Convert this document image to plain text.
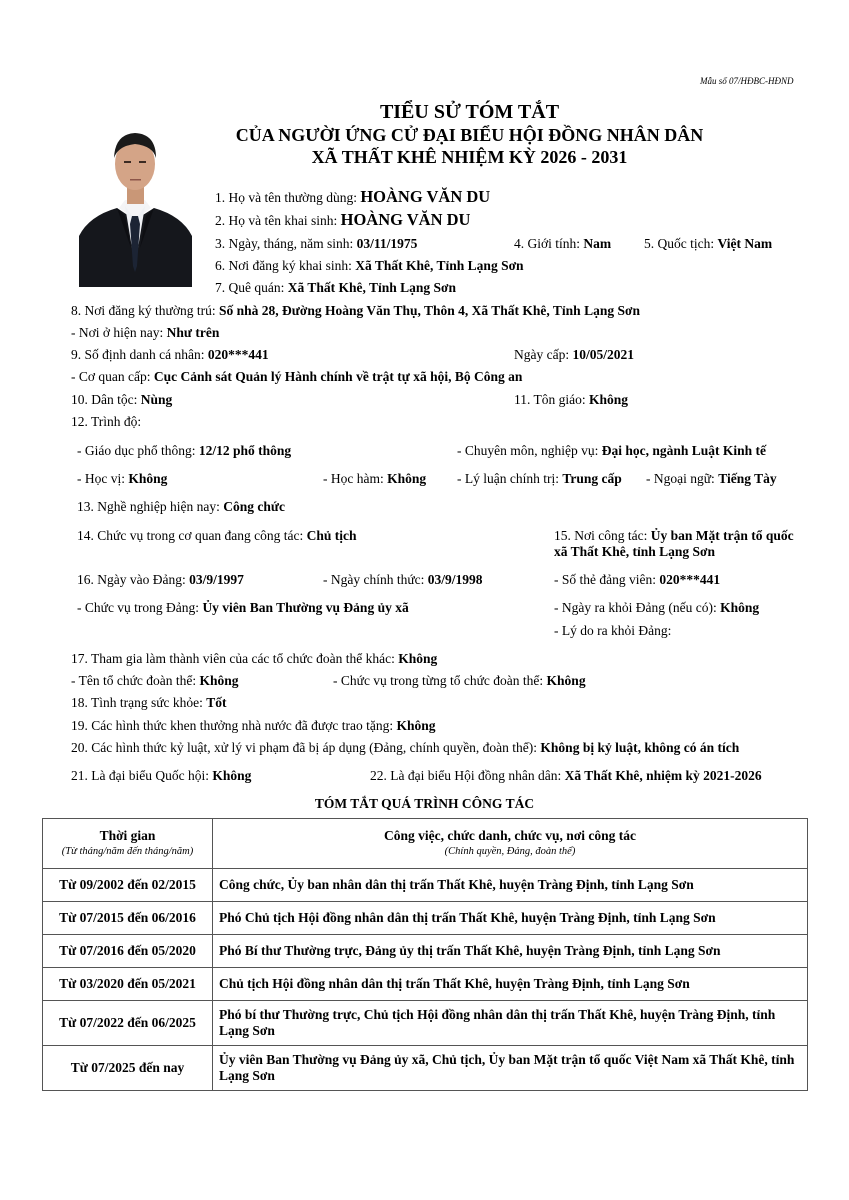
Mẫu số 07/HĐBC-HĐND
TIỂU SỬ TÓM TẮT
CỦA NGƯỜI ỨNG CỬ ĐẠI BIỂU HỘI ĐỒNG NHÂN DÂN
XÃ THẤT KHÊ NHIỆM KỲ 2026 - 2031
1. Họ và tên thường dùng: HOÀNG VĂN DU
2. Họ và tên khai sinh: HOÀNG VĂN DU
3. Ngày, tháng, năm sinh: 03/11/1975	4. Giới tính: Nam 5. Quốc tịch: Việt Nam
6. Nơi đăng ký khai sinh: Xã Thất Khê, Tỉnh Lạng Sơn
7. Quê quán: Xã Thất Khê, Tỉnh Lạng Sơn
8. Nơi đăng ký thường trú: Số nhà 28, Đường Hoàng Văn Thụ, Thôn 4, Xã Thất Khê, Tỉnh Lạng Sơn
- Nơi ở hiện nay: Như trên
9. Số định danh cá nhân: 020***441	Ngày cấp: 10/05/2021
- Cơ quan cấp: Cục Cảnh sát Quản lý Hành chính về trật tự xã hội, Bộ Công an
10. Dân tộc: Nùng	11. Tôn giáo: Không
12. Trình độ:
- Giáo dục phổ thông: 12/12 phổ thông	- Chuyên môn, nghiệp vụ: Đại học, ngành Luật Kinh tế
- Học vị: Không	- Học hàm: Không - Lý luận chính trị: Trung cấp - Ngoại ngữ: Tiếng Tày
13. Nghề nghiệp hiện nay: Công chức
14. Chức vụ trong cơ quan đang công tác: Chủ tịch	15. Nơi công tác: Ủy ban Mặt trận tổ quốc xã Thất Khê, tỉnh Lạng Sơn
16. Ngày vào Đảng: 03/9/1997	- Ngày chính thức: 03/9/1998	- Số thẻ đảng viên: 020***441
- Chức vụ trong Đảng: Ủy viên Ban Thường vụ Đảng ủy xã	- Ngày ra khỏi Đảng (nếu có): Không
- Lý do ra khỏi Đảng:
17. Tham gia làm thành viên của các tổ chức đoàn thể khác: Không
- Tên tổ chức đoàn thể: Không	- Chức vụ trong từng tổ chức đoàn thể: Không
18. Tình trạng sức khỏe: Tốt
19. Các hình thức khen thưởng nhà nước đã được trao tặng: Không
20. Các hình thức kỷ luật, xử lý vi phạm đã bị áp dụng (Đảng, chính quyền, đoàn thể): Không bị kỷ luật, không có án tích
21. Là đại biểu Quốc hội: Không	22. Là đại biểu Hội đồng nhân dân: Xã Thất Khê, nhiệm kỳ 2021-2026
TÓM TẮT QUÁ TRÌNH CÔNG TÁC
Thời gian
(Từ tháng/năm đến tháng/năm)	Công việc, chức danh, chức vụ, nơi công tác
(Chính quyền, Đảng, đoàn thể)

Từ 09/2002 đến 02/2015	Công chức, Ủy ban nhân dân thị trấn Thất Khê, huyện Tràng Định, tỉnh Lạng Sơn
Từ 07/2015 đến 06/2016	Phó Chủ tịch Hội đồng nhân dân thị trấn Thất Khê, huyện Tràng Định, tỉnh Lạng Sơn
Từ 07/2016 đến 05/2020	Phó Bí thư Thường trực, Đảng ủy thị trấn Thất Khê, huyện Tràng Định, tỉnh Lạng Sơn
Từ 03/2020 đến 05/2021	Chủ tịch Hội đồng nhân dân thị trấn Thất Khê, huyện Tràng Định, tỉnh Lạng Sơn
Từ 07/2022 đến 06/2025	Phó bí thư Thường trực, Chủ tịch Hội đồng nhân dân thị trấn Thất Khê, huyện Tràng Định, tỉnh Lạng Sơn
Từ 07/2025 đến nay	Ủy viên Ban Thường vụ Đảng ủy xã, Chủ tịch, Ủy ban Mặt trận tổ quốc Việt Nam xã Thất Khê, tỉnh Lạng Sơn
